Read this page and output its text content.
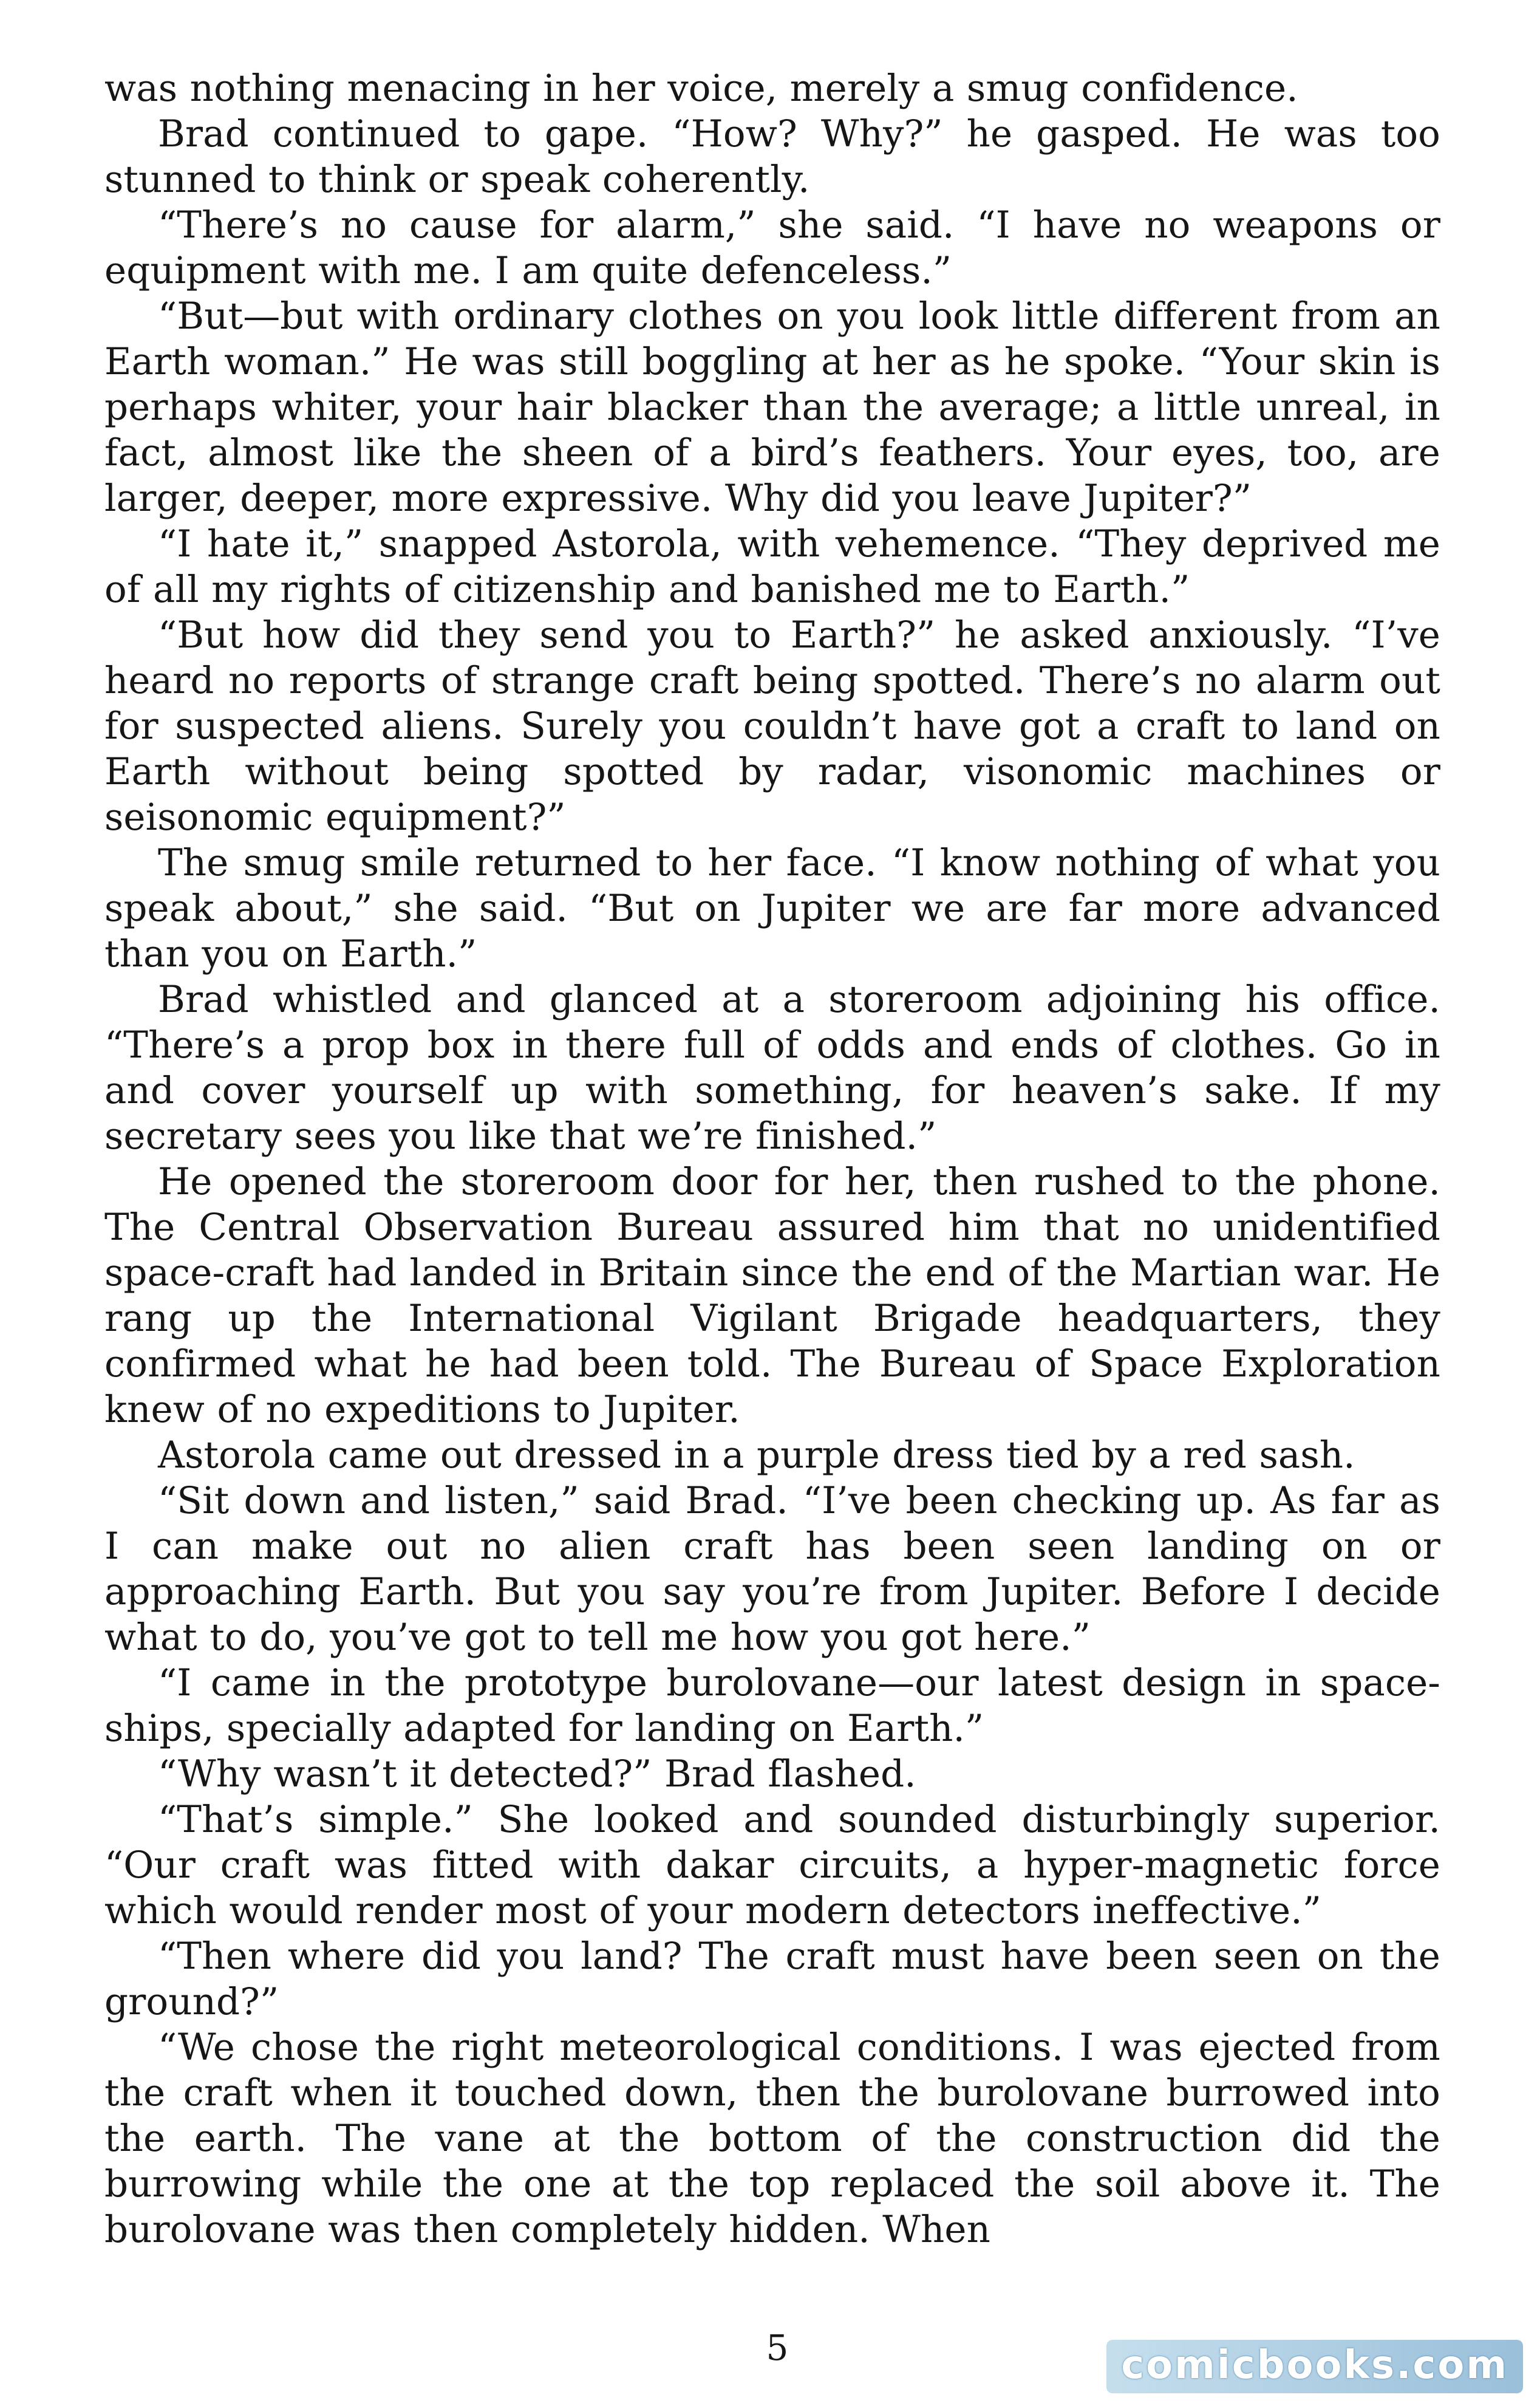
was nothing menacing in her voice, merely a smug confidence.

Brad continued to gape. “How? Why?” he gasped. He was too stunned to think or speak coherently.

“There’s no cause for alarm,” she said. “I have no weapons or equipment with me. I am quite defenceless.”

“But—but with ordinary clothes on you look little different from an Earth woman.” He was still boggling at her as he spoke. “Your skin is perhaps whiter, your hair blacker than the average; a little unreal, in fact, almost like the sheen of a bird’s feathers. Your eyes, too, are larger, deeper, more expressive. Why did you leave Jupiter?”

“I hate it,” snapped Astorola, with vehemence. “They deprived me of all my rights of citizenship and banished me to Earth.”

“But how did they send you to Earth?” he asked anxiously. “I’ve heard no reports of strange craft being spotted. There’s no alarm out for suspected aliens. Surely you couldn’t have got a craft to land on Earth without being spotted by radar, visonomic machines or seisonomic equipment?”

The smug smile returned to her face. “I know nothing of what you speak about,” she said. “But on Jupiter we are far more advanced than you on Earth.”

Brad whistled and glanced at a storeroom adjoining his office. “There’s a prop box in there full of odds and ends of clothes. Go in and cover yourself up with something, for heaven’s sake. If my secretary sees you like that we’re finished.”

He opened the storeroom door for her, then rushed to the phone. The Central Observation Bureau assured him that no unidentified space-craft had landed in Britain since the end of the Martian war. He rang up the International Vigilant Brigade headquarters, they confirmed what he had been told. The Bureau of Space Exploration knew of no expeditions to Jupiter.

Astorola came out dressed in a purple dress tied by a red sash.

“Sit down and listen,” said Brad. “I’ve been checking up. As far as I can make out no alien craft has been seen landing on or approaching Earth. But you say you’re from Jupiter. Before I decide what to do, you’ve got to tell me how you got here.”

“I came in the prototype burolovane—our latest design in space-ships, specially adapted for landing on Earth.”

“Why wasn’t it detected?” Brad flashed.

“That’s simple.” She looked and sounded disturbingly superior. “Our craft was fitted with dakar circuits, a hyper-magnetic force which would render most of your modern detectors ineffective.”

“Then where did you land? The craft must have been seen on the ground?”

“We chose the right meteorological conditions. I was ejected from the craft when it touched down, then the burolovane burrowed into the earth. The vane at the bottom of the construction did the burrowing while the one at the top replaced the soil above it. The burolovane was then completely hidden. When

5	comicbooks.com
